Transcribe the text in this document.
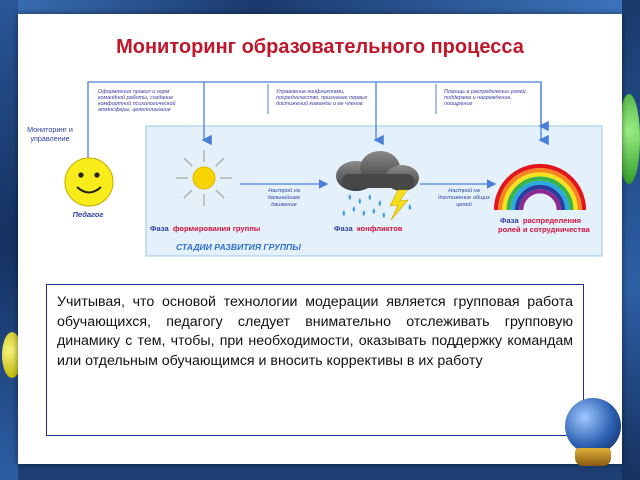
Мониторинг образовательного процесса
Оформление правил и норм
командной работы, создание
комфортной психологической
атмосферы, целеполагание
Управление конфликтами,
посредничество, признание первых
достижений команды и ее членов
Помощь в распределении ролей,
поддержка и награждение,
поощрение
Мониторинг и
управление
Педагог
Настрой на
дальнейшее
движение
Настрой на
достижение общих
целей
Фаза формирования группы	Фаза конфликтов
Фаза распределения
ролей и сотрудничества
СТАДИИ РАЗВИТИЯ ГРУППЫ
Учитывая, что основой технологии модерации является групповая работа обучающихся, педагогу следует внимательно отслеживать групповую динамику с тем, чтобы, при необходимости, оказывать поддержку командам или отдельным обучающимся и вносить коррективы в их работу
